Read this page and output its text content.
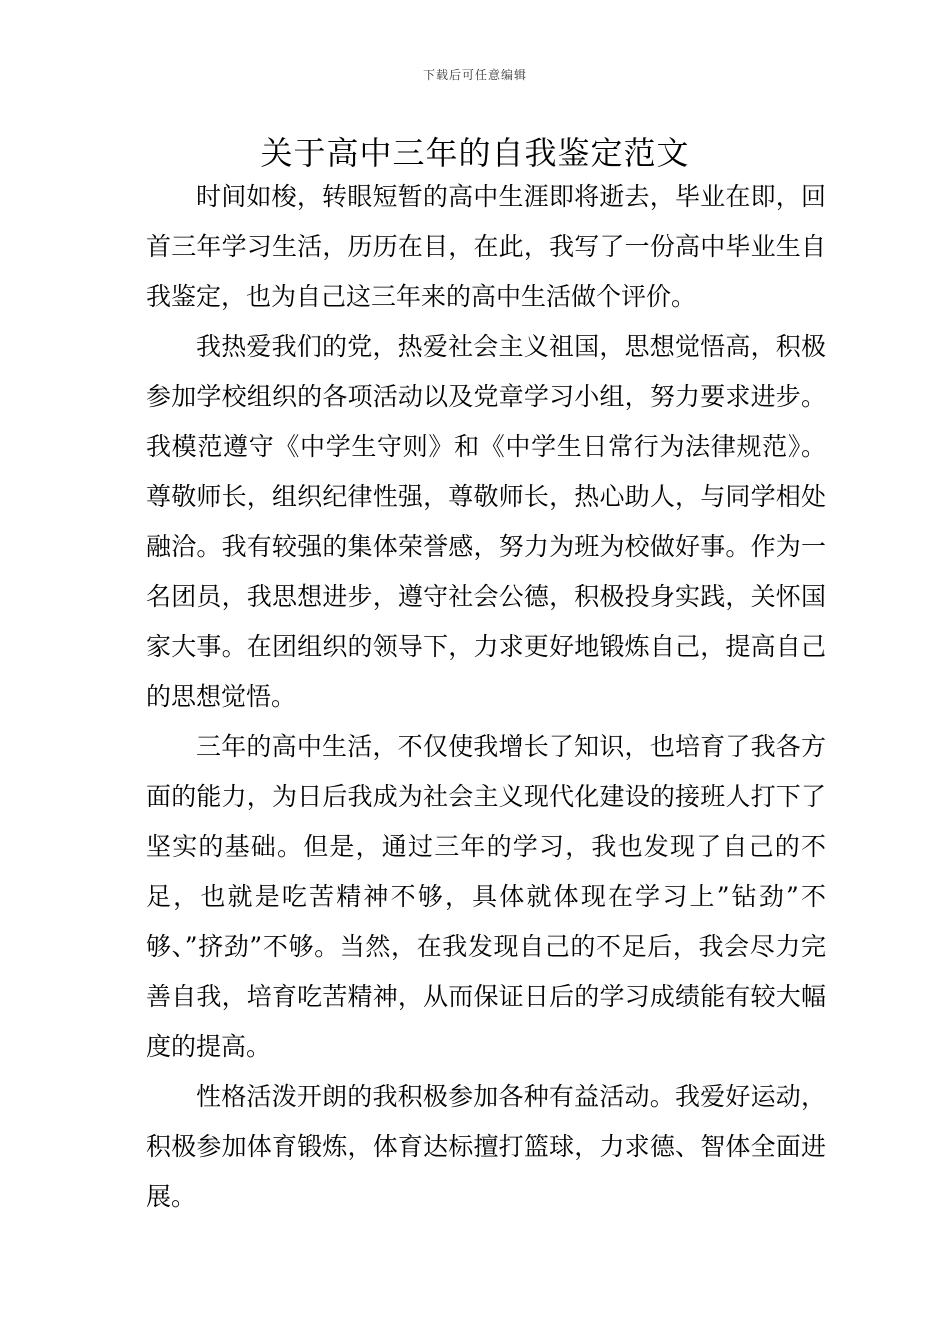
下载后可任意编辑
关于高中三年的自我鉴定范文

时间如梭，转眼短暂的高中生涯即将逝去，毕业在即，回首三年学习生活，历历在目，在此，我写了一份高中毕业生自我鉴定，也为自己这三年来的高中生活做个评价。

我热爱我们的党，热爱社会主义祖国，思想觉悟高，积极参加学校组织的各项活动以及党章学习小组，努力要求进步。我模范遵守《中学生守则》和《中学生日常行为法律规范》。尊敬师长，组织纪律性强，尊敬师长，热心助人，与同学相处融洽。我有较强的集体荣誉感，努力为班为校做好事。作为一名团员，我思想进步，遵守社会公德，积极投身实践，关怀国家大事。在团组织的领导下，力求更好地锻炼自己，提高自己的思想觉悟。

三年的高中生活，不仅使我增长了知识，也培育了我各方面的能力，为日后我成为社会主义现代化建设的接班人打下了坚实的基础。但是，通过三年的学习，我也发现了自己的不足，也就是吃苦精神不够，具体就体现在学习上”钻劲”不够、”挤劲”不够。当然，在我发现自己的不足后，我会尽力完善自我，培育吃苦精神，从而保证日后的学习成绩能有较大幅度的提高。

性格活泼开朗的我积极参加各种有益活动。我爱好运动，积极参加体育锻炼，体育达标擅打篮球，力求德、智体全面进展。
